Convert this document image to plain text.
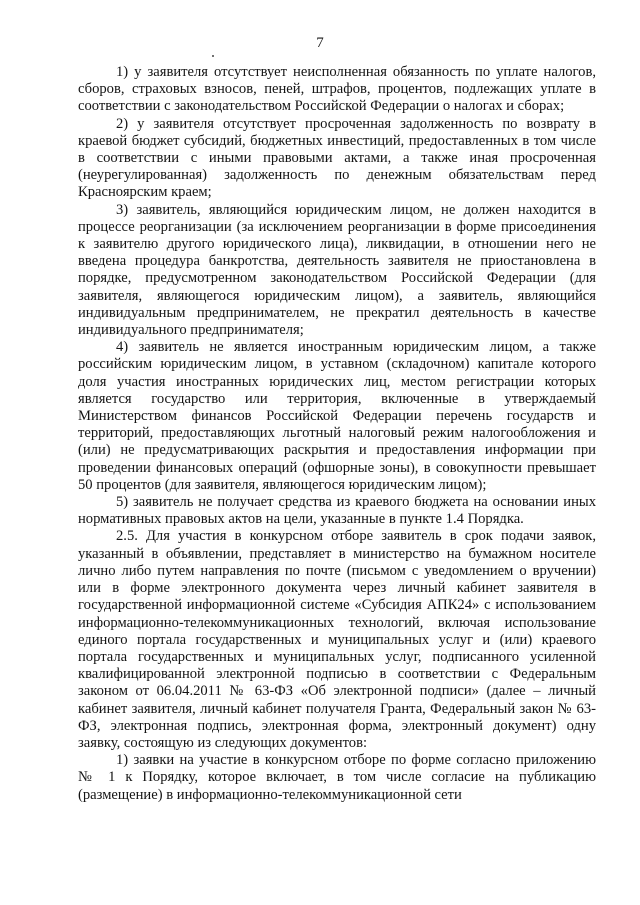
7

1) у заявителя отсутствует неисполненная обязанность по уплате налогов, сборов, страховых взносов, пеней, штрафов, процентов, подлежащих уплате в соответствии с законодательством Российской Федерации о налогах и сборах;

2) у заявителя отсутствует просроченная задолженность по возврату в краевой бюджет субсидий, бюджетных инвестиций, предоставленных в том числе в соответствии с иными правовыми актами, а также иная просроченная (неурегулированная) задолженность по денежным обязательствам перед Красноярским краем;

3) заявитель, являющийся юридическим лицом, не должен находится в процессе реорганизации (за исключением реорганизации в форме присоединения к заявителю другого юридического лица), ликвидации, в отношении него не введена процедура банкротства, деятельность заявителя не приостановлена в порядке, предусмотренном законодательством Российской Федерации (для заявителя, являющегося юридическим лицом), а заявитель, являющийся индивидуальным предпринимателем, не прекратил деятельность в качестве индивидуального предпринимателя;

4) заявитель не является иностранным юридическим лицом, а также российским юридическим лицом, в уставном (складочном) капитале которого доля участия иностранных юридических лиц, местом регистрации которых является государство или территория, включенные в утверждаемый Министерством финансов Российской Федерации перечень государств и территорий, предоставляющих льготный налоговый режим налогообложения и (или) не предусматривающих раскрытия и предоставления информации при проведении финансовых операций (офшорные зоны), в совокупности превышает 50 процентов (для заявителя, являющегося юридическим лицом);

5) заявитель не получает средства из краевого бюджета на основании иных нормативных правовых актов на цели, указанные в пункте 1.4 Порядка.

2.5. Для участия в конкурсном отборе заявитель в срок подачи заявок, указанный в объявлении, представляет в министерство на бумажном носителе лично либо путем направления по почте (письмом с уведомлением о вручении) или в форме электронного документа через личный кабинет заявителя в государственной информационной системе «Субсидия АПК24» с использованием информационно-телекоммуникационных технологий, включая использование единого портала государственных и муниципальных услуг и (или) краевого портала государственных и муниципальных услуг, подписанного усиленной квалифицированной электронной подписью в соответствии с Федеральным законом от 06.04.2011 № 63-ФЗ «Об электронной подписи» (далее – личный кабинет заявителя, личный кабинет получателя Гранта, Федеральный закон № 63-ФЗ, электронная подпись, электронная форма, электронный документ) одну заявку, состоящую из следующих документов:

1) заявки на участие в конкурсном отборе по форме согласно приложению № 1 к Порядку, которое включает, в том числе согласие на публикацию (размещение) в информационно-телекоммуникационной сети
